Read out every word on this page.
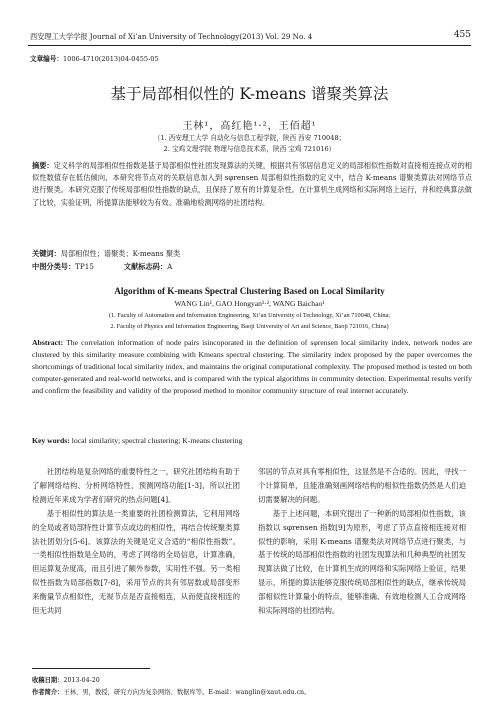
西安理工大学学报 Journal of Xi’an University of Technology(2013) Vol. 29 No. 4	455
文章编号：1006-4710(2013)04-0455-05
基于局部相似性的 K-means 谱聚类算法
王林¹，高红艳¹·²，王佰超¹
（1. 西安理工大学 自动化与信息工程学院，陕西 西安 710048；
2. 宝鸡文理学院 物理与信息技术系，陕西 宝鸡 721016）
摘要：定义科学的局部相似性指数是基于局部相似性社团发现算法的关键，根据共有邻居信息定义的局部相似性指数对直接相连接点对的相似性数值存在低估倾向，本研究将节点对的关联信息加入到 sφrensen 局部相似性指数的定义中，结合 K-means 谱聚类算法对网络节点进行聚类。本研究克服了传统局部相似性指数的缺点，且保持了原有的计算复杂性。在计算机生成网络和实际网络上运行，并和经典算法做了比较，实验证明，所提算法能够较为有效、准确地检测网络的社团结构。
关键词：局部相似性；谱聚类；K-means 聚类
中图分类号：TP15	文献标志码：A
Algorithm of K-means Spectral Clustering Based on Local Similarity
WANG Lin¹, GAO Hongyan¹·², WANG Baichao¹
(1. Faculty of Automation and Information Engineering, Xi’an University of Technology, Xi’an 710048, China;
2. Faculty of Physics and Information Engineering, Baoji University of Art and Science, Baoji 721016, China)
Abstract: The correlation information of node pairs isincoporated in the definition of sφrensen local similarity index, network nodes are clustered by this similarity measure combining with Kmeans spectral clustering. The similarity index proposed by the paper overcomes the shortcomings of traditional local similarity index, and maintains the original computational complexity. The proposed method is tested on both computer-generated and real-world networks, and is compared with the typical algorithms in community detection. Experimental results verify and confirm the feasibility and validity of the proposed method to monitor community structure of real internet accurately.
Key words: local similarity; spectral clustering; K-means clustering

社团结构是复杂网络的重要特性之一，研究社团结构有助于了解网络结构、分析网络特性、预测网络功能[1-3]，所以社团检测近年来成为学者们研究的热点问题[4]。

基于相似性的算法是一类重要的社团检测算法，它利用网络的全局或者局部特性计算节点或边的相似性，再结合传统聚类算法社团划分[5-6]。该算法的关键是定义合适的“相似性指数”。一类相似性指数是全局的，考虑了网络的全局信息，计算准确，但运算复杂度高，而且引进了额外参数，实用性不强。另一类相似性指数为局部指数[7-8]，采用节点的共有邻居数或局部变形来衡量节点相似性，无视节点是否直接相连，从而使直接相连的但无共同

邻居的节点对具有零相似性，这显然是不合适的。因此，寻找一个计算简单，且能准确刻画网络结构的相似性指数仍然是人们迫切需要解决的问题。

基于上述问题，本研究提出了一种新的局部相似性指数，该指数以 sφrensen 指数[9]为原形，考虑了节点直接相连接对相似性的影响，采用 K-means 谱聚类法对网络节点进行聚类，与基于传统的局部相似性指数的社团发现算法和几种典型的社团发现算法做了比较，在计算机生成的网络和实际网络上验证，结果显示，所提的算法能够克服传统局部相似性的缺点，继承传统局部相似性计算量小的特点，能够准确、有效地检测人工合成网络和实际网络的社团结构。

收稿日期：2013-04-20
作者简介：王林，男，教授，研究方向为复杂网络、数据库等。E-mail：wanglin@xaut.edu.cn。
